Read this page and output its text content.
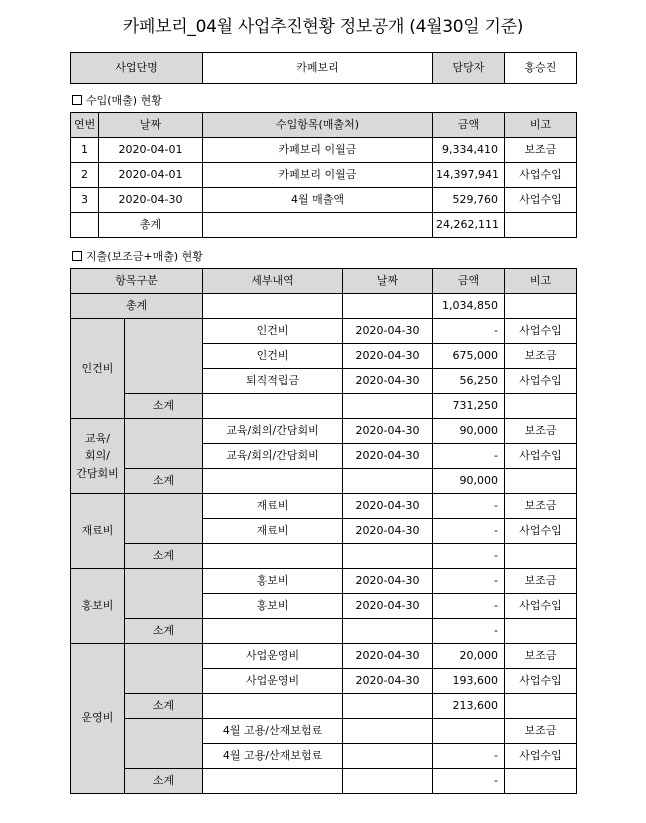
카페보리_04월 사업추진현황 정보공개 (4월30일 기준)
사업단명	카페보리	담당자	홍승진
수입(매출) 현황
연번	날짜	수입항목(매출처)	금액	비고
1	2020-04-01	카페보리 이월금	9,334,410	보조금
2	2020-04-01	카페보리 이월금	14,397,941	사업수입
3	2020-04-30	4월 매출액	529,760	사업수입
	총계		24,262,111	
지출(보조금+매출) 현황
항목구분		세부내역	날짜	금액	비고
총계				1,034,850	
인건비		인건비	2020-04-30	-	사업수입
		인건비	2020-04-30	675,000	보조금
		퇴직적립금	2020-04-30	56,250	사업수입
	소계			731,250	
교육/
회의/
간담회비		교육/회의/간담회비	2020-04-30	90,000	보조금
		교육/회의/간담회비	2020-04-30	-	사업수입
	소계			90,000	
재료비		재료비	2020-04-30	-	보조금
		재료비	2020-04-30	-	사업수입
	소계			-	
홍보비		홍보비	2020-04-30	-	보조금
		홍보비	2020-04-30	-	사업수입
	소계			-	
운영비		사업운영비	2020-04-30	20,000	보조금
		사업운영비	2020-04-30	193,600	사업수입
	소계			213,600	
		4월 고용/산재보험료			보조금
		4월 고용/산재보험료		-	사업수입
	소계			-	
